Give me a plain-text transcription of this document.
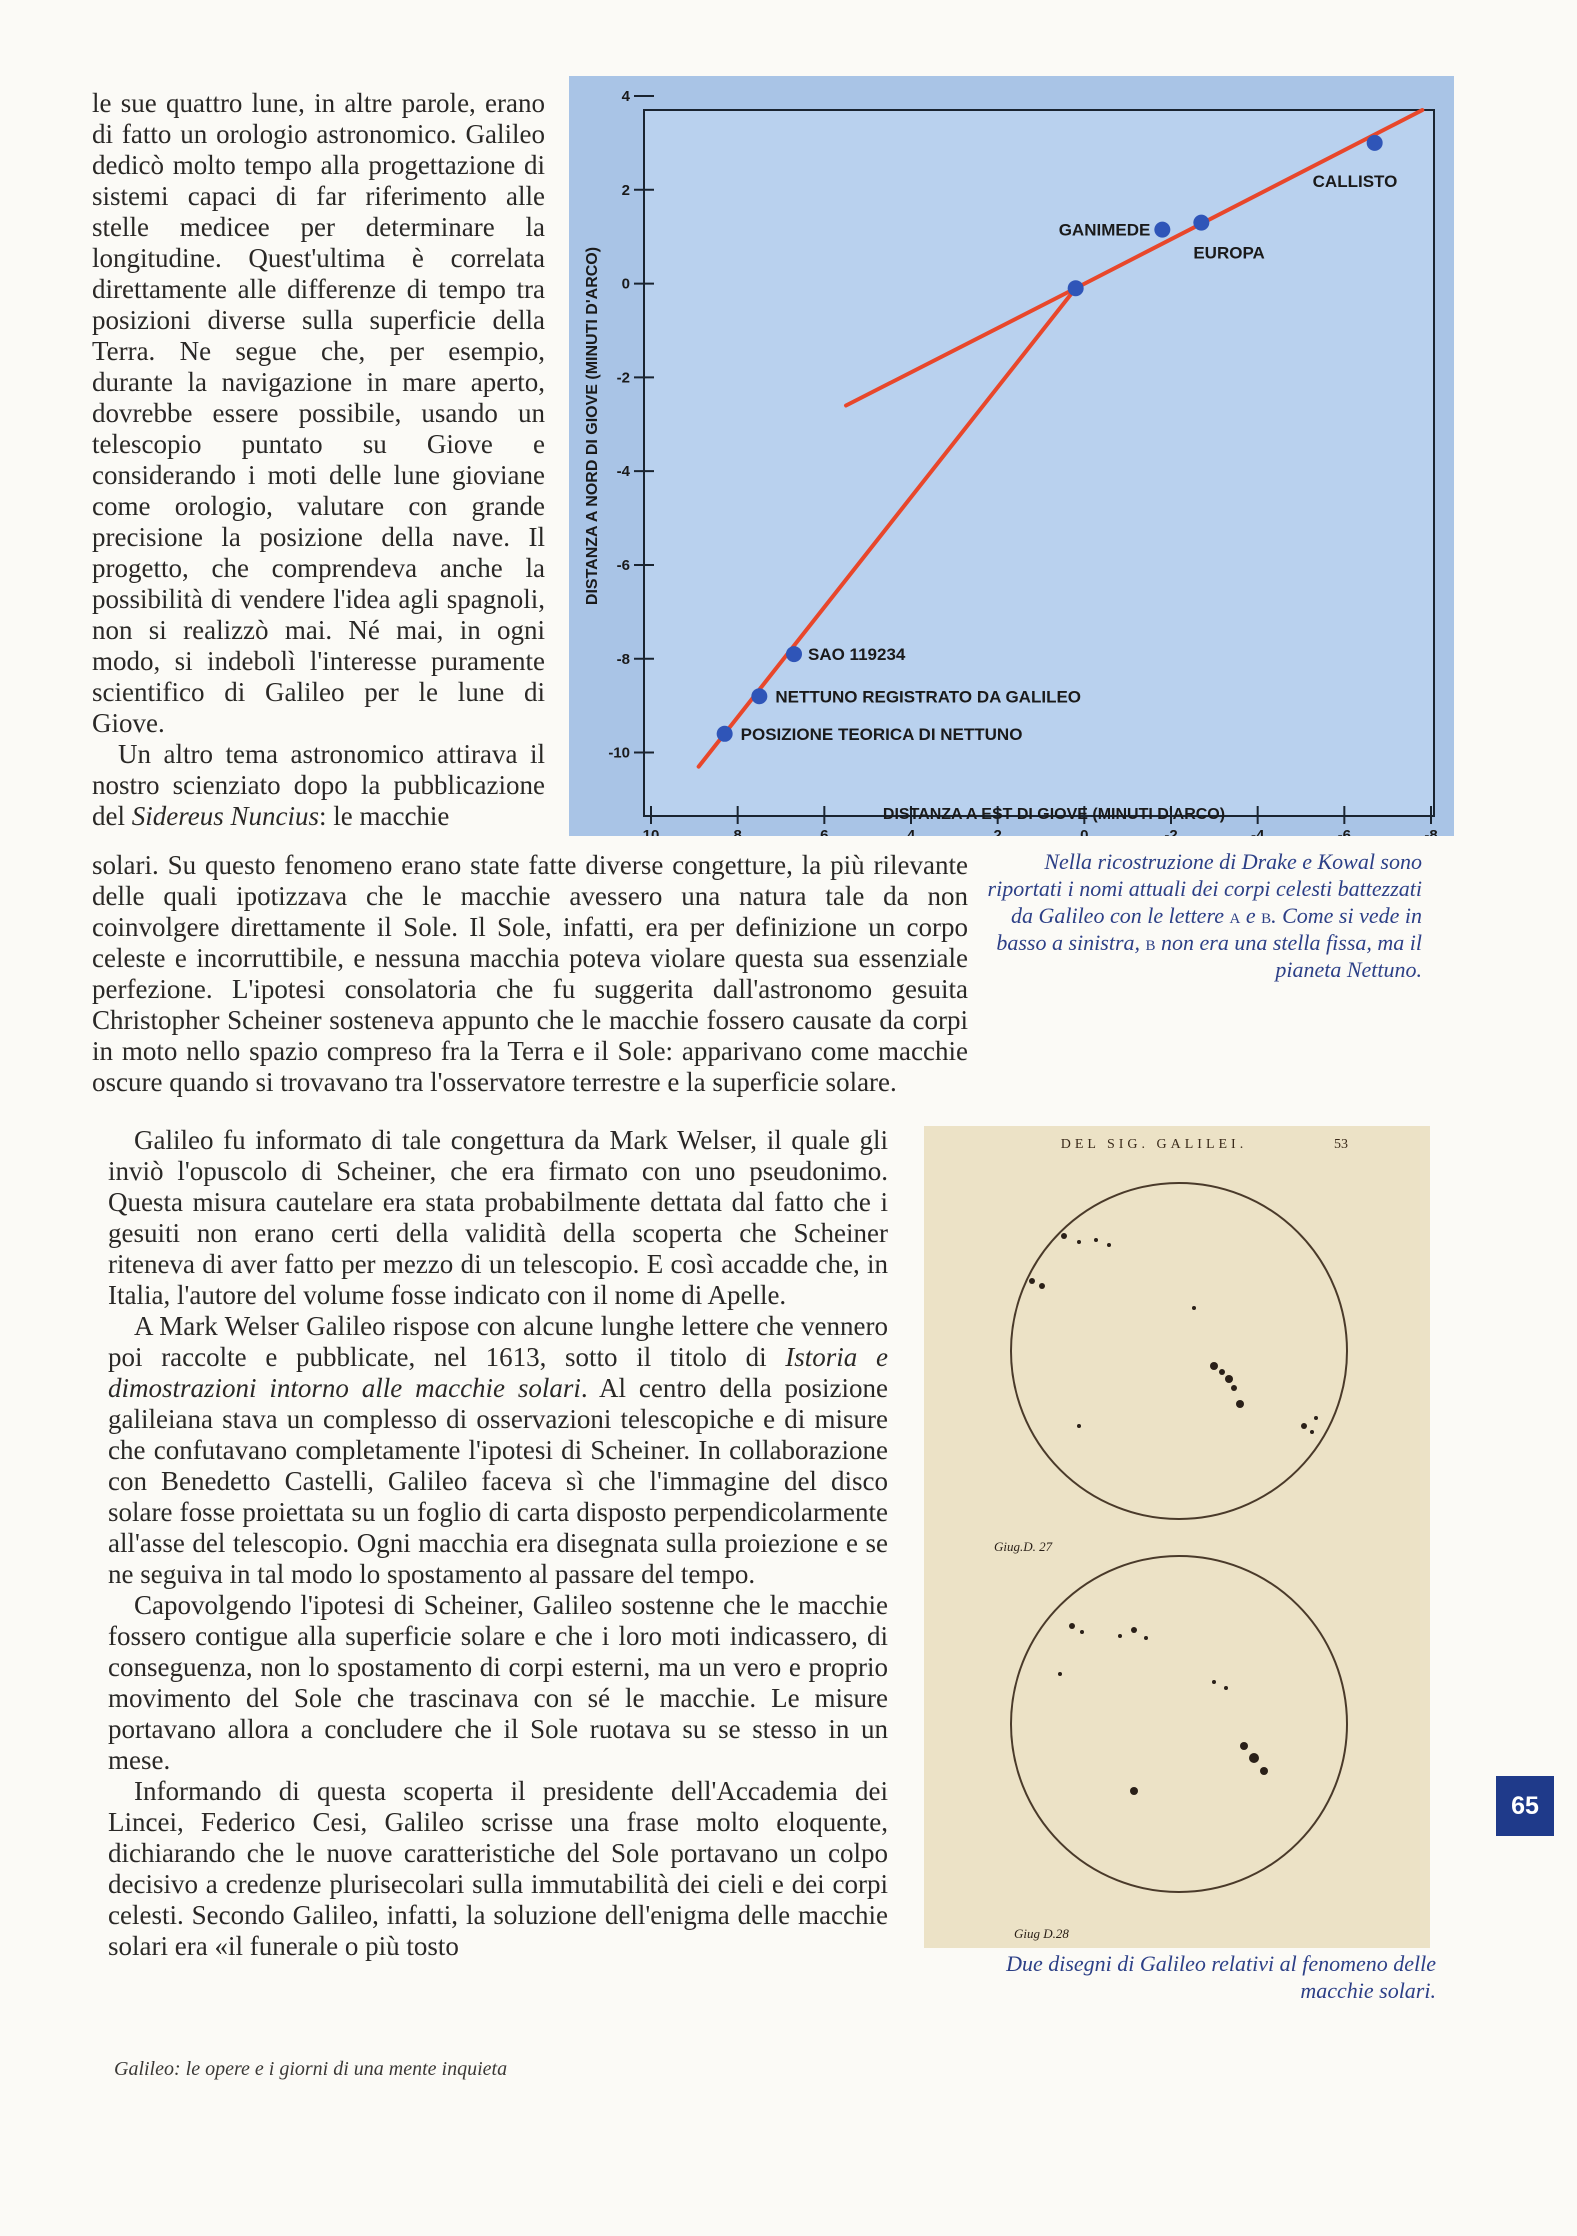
le sue quattro lune, in altre parole, erano di fatto un orologio astronomico. Galileo dedicò molto tempo alla progettazione di sistemi capaci di far riferimento alle stelle medicee per determinare la longitudine. Quest'ultima è correlata direttamente alle differenze di tempo tra posizioni diverse sulla superficie della Terra. Ne segue che, per esempio, durante la navigazione in mare aperto, dovrebbe essere possibile, usando un telescopio puntato su Giove e considerando i moti delle lune gioviane come orologio, valutare con grande precisione la posizione della nave. Il progetto, che comprendeva anche la possibilità di vendere l'idea agli spagnoli, non si realizzò mai. Né mai, in ogni modo, si indebolì l'interesse puramente scientifico di Galileo per le lune di Giove.

Un altro tema astronomico attirava il nostro scienziato dopo la pubblicazione del Sidereus Nuncius: le macchie

4
2
0
-2
-4
-6
-8
-10
10	8	6	4	2	0	-2	-4	-6	-8
CALLISTO
GANIMEDE
EUROPA
SAO 119234
NETTUNO REGISTRATO DA GALILEO
POSIZIONE TEORICA DI NETTUNO
DISTANZA A EST DI GIOVE (MINUTI D'ARCO)
DISTANZA A NORD DI GIOVE (MINUTI D'ARCO)

solari. Su questo fenomeno erano state fatte diverse congetture, la più rilevante delle quali ipotizzava che le macchie avessero una natura tale da non coinvolgere direttamente il Sole. Il Sole, infatti, era per definizione un corpo celeste e incorruttibile, e nessuna macchia poteva violare questa sua essenziale perfezione. L'ipotesi consolatoria che fu suggerita dall'astronomo gesuita Christopher Scheiner sosteneva appunto che le macchie fossero causate da corpi in moto nello spazio compreso fra la Terra e il Sole: apparivano come macchie oscure quando si trovavano tra l'osservatore terrestre e la superficie solare.

Nella ricostruzione di Drake e Kowal sono riportati i nomi attuali dei corpi celesti battezzati da Galileo con le lettere a e b. Come si vede in basso a sinistra, b non era una stella fissa, ma il pianeta Nettuno.

Galileo fu informato di tale congettura da Mark Welser, il quale gli inviò l'opuscolo di Scheiner, che era firmato con uno pseudonimo. Questa misura cautelare era stata probabilmente dettata dal fatto che i gesuiti non erano certi della validità della scoperta che Scheiner riteneva di aver fatto per mezzo di un telescopio. E così accadde che, in Italia, l'autore del volume fosse indicato con il nome di Apelle.

A Mark Welser Galileo rispose con alcune lunghe lettere che vennero poi raccolte e pubblicate, nel 1613, sotto il titolo di Istoria e dimostrazioni intorno alle macchie solari. Al centro della posizione galileiana stava un complesso di osservazioni telescopiche e di misure che confutavano completamente l'ipotesi di Scheiner. In collaborazione con Benedetto Castelli, Galileo faceva sì che l'immagine del disco solare fosse proiettata su un foglio di carta disposto perpendicolarmente all'asse del telescopio. Ogni macchia era disegnata sulla proiezione e se ne seguiva in tal modo lo spostamento al passare del tempo.

Capovolgendo l'ipotesi di Scheiner, Galileo sostenne che le macchie fossero contigue alla superficie solare e che i loro moti indicassero, di conseguenza, non lo spostamento di corpi esterni, ma un vero e proprio movimento del Sole che trascinava con sé le macchie. Le misure portavano allora a concludere che il Sole ruotava su se stesso in un mese.

Informando di questa scoperta il presidente dell'Accademia dei Lincei, Federico Cesi, Galileo scrisse una frase molto eloquente, dichiarando che le nuove caratteristiche del Sole portavano un colpo decisivo a credenze plurisecolari sulla immutabilità dei cieli e dei corpi celesti. Secondo Galileo, infatti, la soluzione dell'enigma delle macchie solari era «il funerale o più tosto

DEL SIG. GALILEI.	53
Giug.D. 27
Giug D.28
Due disegni di Galileo relativi al fenomeno delle macchie solari.
65
Galileo: le opere e i giorni di una mente inquieta
